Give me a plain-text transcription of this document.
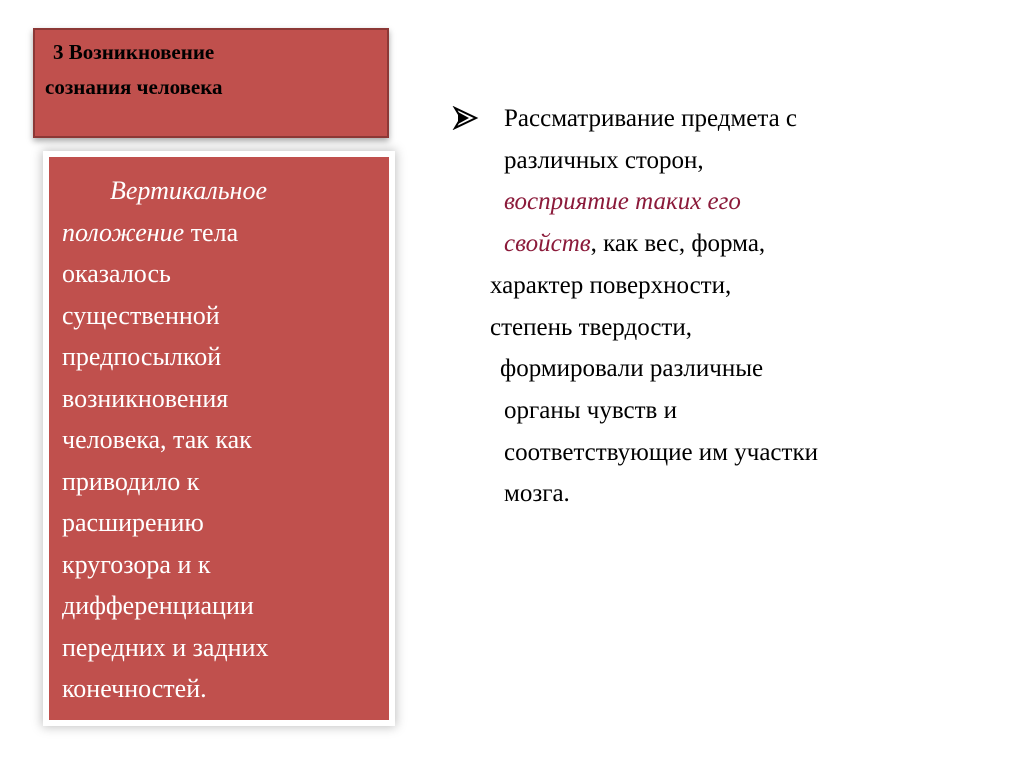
3 Возникновение
сознания человека
Вертикальное
положение тела
оказалось
существенной
предпосылкой
возникновения
человека, так как
приводило к
расширению
кругозора и к
дифференциации
передних и задних
конечностей.
Рассматривание предмета с
различных сторон,
восприятие таких его
свойств, как вес, форма,
характер поверхности,
степень твердости,
формировали различные
органы чувств и
соответствующие им участки
мозга.
